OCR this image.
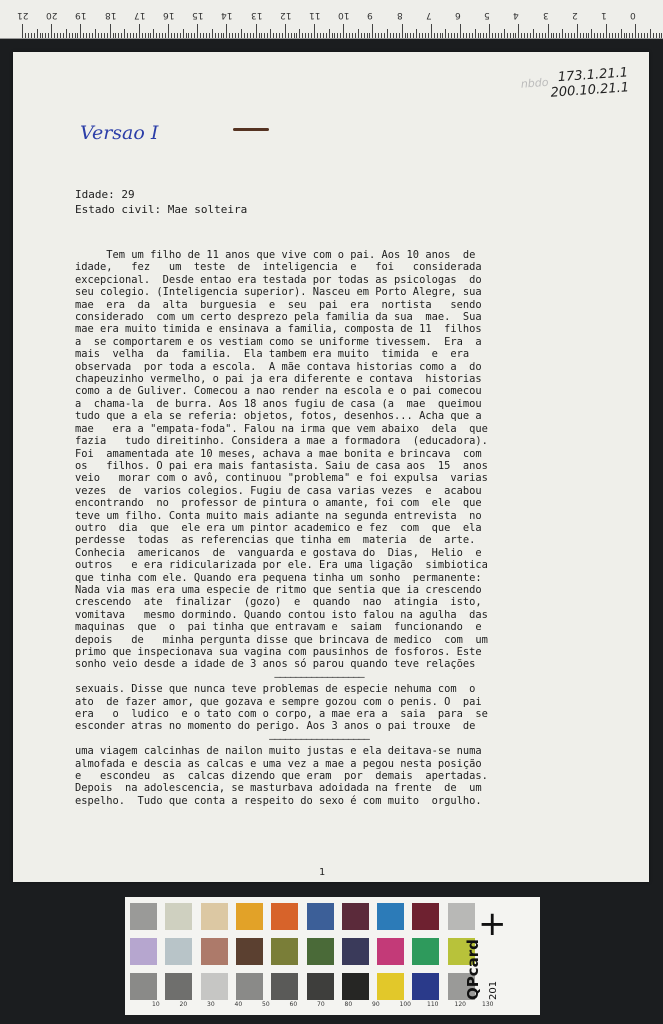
21 20 19 18 17 16 15 14 13 12 11 10 9	8	7	6	5	4	3	2	1	0
nbdo 173.1.21.1
200.10.21.1
Versao I
Idade: 29
Estado civil: Mae solteira
Tem um filho de 11 anos que vive com o pai. Aos 10 anos  de
idade,   fez   um  teste  de  inteligencia  e   foi   considerada
excepcional.  Desde entao era testada por todas as psicologas  do
seu colegio. (Inteligencia superior). Nasceu em Porto Alegre, sua
mae  era  da  alta  burguesia  e  seu  pai  era  nortista   sendo
considerado  com um certo desprezo pela familia da sua  mae.  Sua
mae era muito timida e ensinava a familia, composta de 11  filhos
a  se comportarem e os vestiam como se uniforme tivessem.  Era  a
mais  velha  da  familia.  Ela tambem era muito  timida  e  era
observada  por toda a escola.  A mãe contava historias como a  do
chapeuzinho vermelho, o pai ja era diferente e contava  historias
como a de Guliver. Comecou a nao render na escola e o pai comecou
a  chama-la  de burra. Aos 18 anos fugiu de casa (a  mae  queimou
tudo que a ela se referia: objetos, fotos, desenhos... Acha que a
mae   era a "empata-foda". Falou na irma que vem abaixo  dela  que
fazia   tudo direitinho. Considera a mae a formadora  (educadora).
Foi  amamentada ate 10 meses, achava a mae bonita e brincava  com
os   filhos. O pai era mais fantasista. Saiu de casa aos  15  anos
veio   morar com o avô, continuou "problema" e foi expulsa  varias
vezes  de  varios colegios. Fugiu de casa varias vezes  e  acabou
encontrando  no  professor de pintura o amante, foi com  ele  que
teve um filho. Conta muito mais adiante na segunda entrevista  no
outro  dia  que  ele era um pintor academico e fez  com  que  ela
perdesse  todas  as referencias que tinha em  materia  de  arte.
Conhecia  americanos  de  vanguarda e gostava do  Dias,  Helio  e
outros   e era ridicularizada por ele. Era uma ligação  simbiotica
que tinha com ele. Quando era pequena tinha um sonho  permanente:
Nada via mas era uma especie de ritmo que sentia que ia crescendo
crescendo  ate  finalizar  (gozo)  e  quando  nao  atingia  isto,
vomitava   mesmo dormindo. Quando contou isto falou na agulha  das
maquinas  que  o  pai tinha que entravam e  saiam  funcionando  e
depois   de   minha pergunta disse que brincava de medico  com  um
primo que inspecionava sua vagina com pausinhos de fosforos. Este
sonho veio desde a idade de 3 anos só parou quando teve relações
—————————————————
sexuais. Disse que nunca teve problemas de especie nehuma com  o
ato  de fazer amor, que gozava e sempre gozou com o penis. O  pai
era   o  ludico  e o tato com o corpo, a mae era a  saia  para  se
esconder atras no momento do perigo. Aos 3 anos o pai trouxe  de
———————————————————
uma viagem calcinhas de nailon muito justas e ela deitava-se numa
almofada e descia as calcas e uma vez a mae a pegou nesta posição
e   escondeu  as  calcas dizendo que eram  por  demais  apertadas.
Depois  na adolescencia, se masturbava adoidada na frente  de  um
espelho.  Tudo que conta a respeito do sexo é com muito  orgulho.
1
+
QPcard 201
10	20	30	40	50	60	70	80	90	100	110	120	130
